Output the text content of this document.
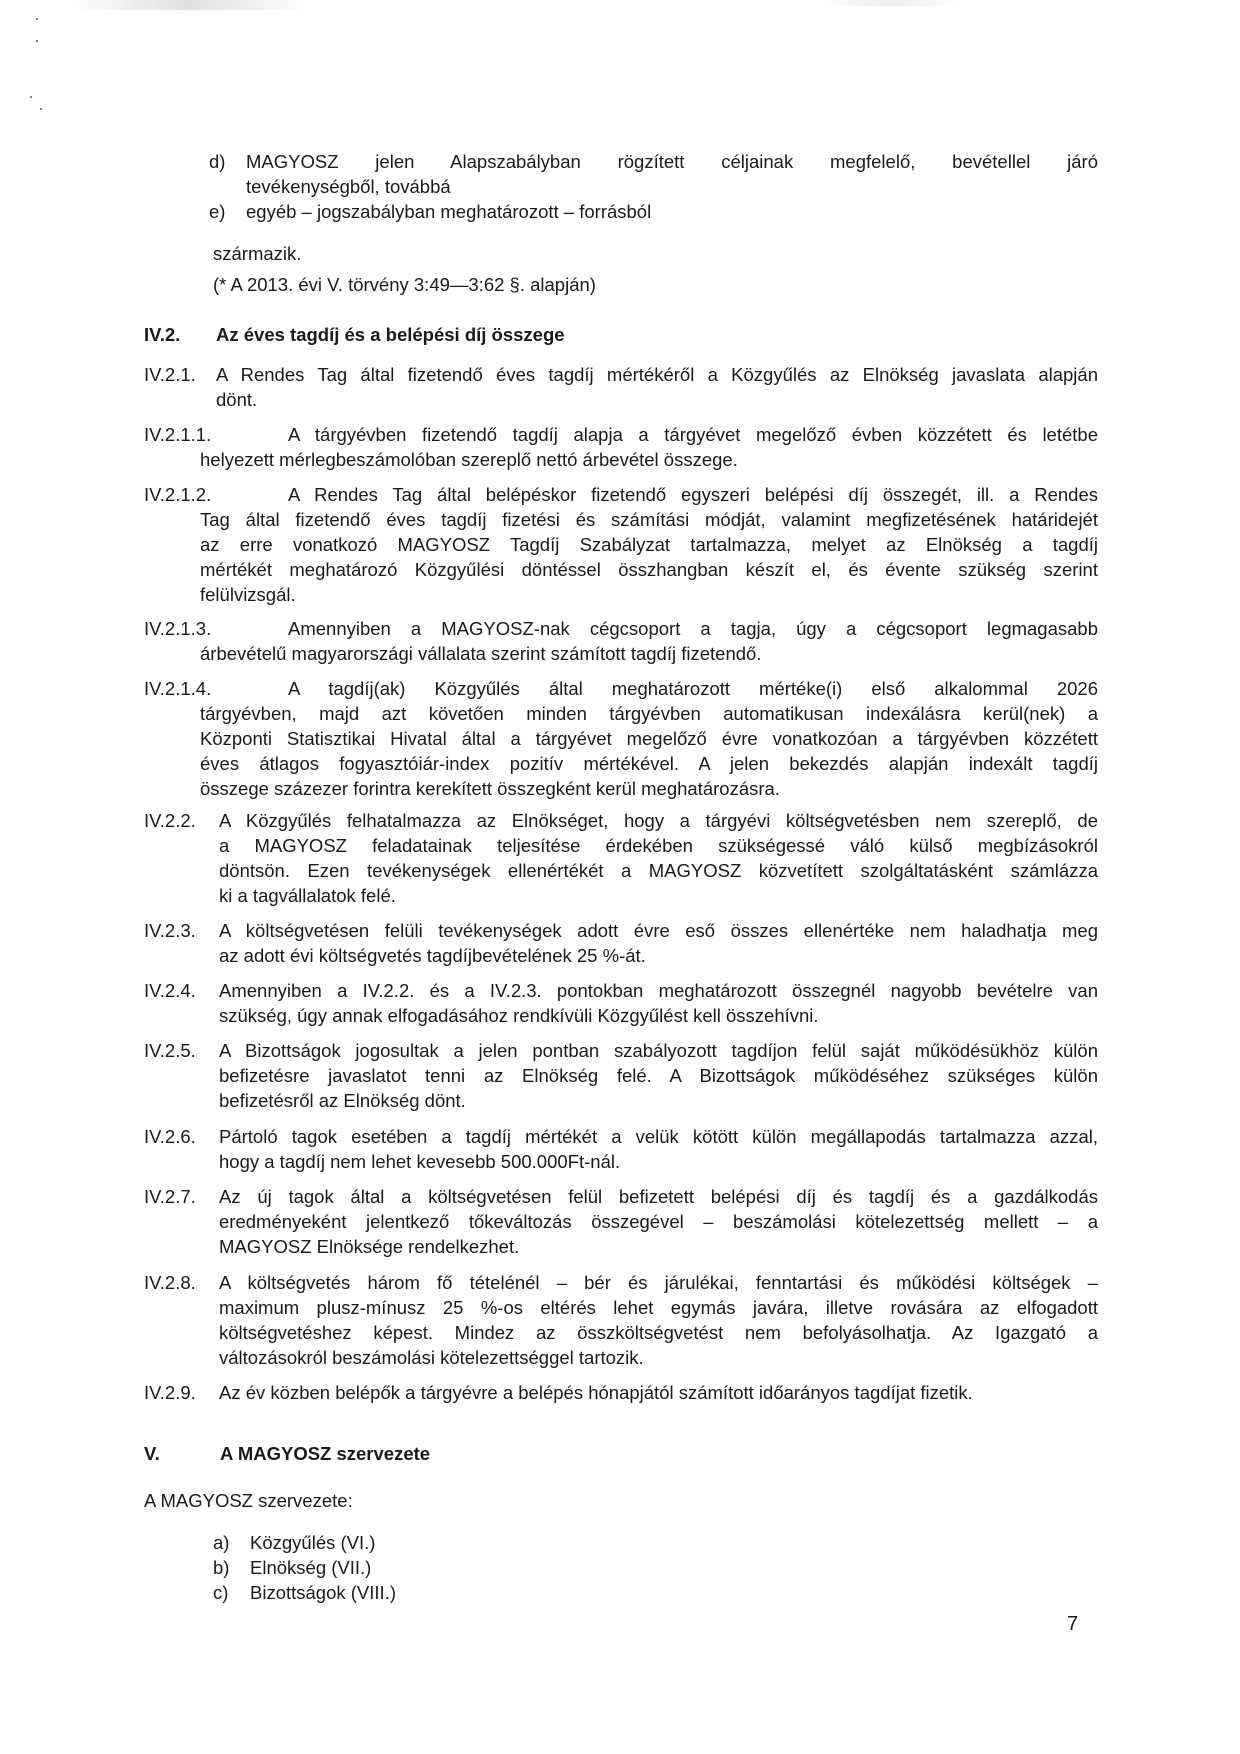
d) MAGYOSZ jelen Alapszabályban rögzített céljainak megfelelő, bevétellel járó
tevékenységből, továbbá
e) egyéb – jogszabályban meghatározott – forrásból
származik.
(* A 2013. évi V. törvény 3:49—3:62 §. alapján)
IV.2. Az éves tagdíj és a belépési díj összege
IV.2.1. A Rendes Tag által fizetendő éves tagdíj mértékéről a Közgyűlés az Elnökség javaslata alapján
dönt.
IV.2.1.1.	A tárgyévben fizetendő tagdíj alapja a tárgyévet megelőző évben közzétett és letétbe
helyezett mérlegbeszámolóban szereplő nettó árbevétel összege.
IV.2.1.2.	A Rendes Tag által belépéskor fizetendő egyszeri belépési díj összegét, ill. a Rendes
Tag által fizetendő éves tagdíj fizetési és számítási módját, valamint megfizetésének határidejét
az erre vonatkozó MAGYOSZ Tagdíj Szabályzat tartalmazza, melyet az Elnökség a tagdíj
mértékét meghatározó Közgyűlési döntéssel összhangban készít el, és évente szükség szerint
felülvizsgál.
IV.2.1.3.	Amennyiben a MAGYOSZ-nak cégcsoport a tagja, úgy a cégcsoport legmagasabb
árbevételű magyarországi vállalata szerint számított tagdíj fizetendő.
IV.2.1.4.	A tagdíj(ak) Közgyűlés által meghatározott mértéke(i) első alkalommal 2026
tárgyévben, majd azt követően minden tárgyévben automatikusan indexálásra kerül(nek) a
Központi Statisztikai Hivatal által a tárgyévet megelőző évre vonatkozóan a tárgyévben közzétett
éves átlagos fogyasztóiár-index pozitív mértékével. A jelen bekezdés alapján indexált tagdíj
összege százezer forintra kerekített összegként kerül meghatározásra.
IV.2.2. A Közgyűlés felhatalmazza az Elnökséget, hogy a tárgyévi költségvetésben nem szereplő, de
a MAGYOSZ feladatainak teljesítése érdekében szükségessé váló külső megbízásokról
döntsön. Ezen tevékenységek ellenértékét a MAGYOSZ közvetített szolgáltatásként számlázza
ki a tagvállalatok felé.
IV.2.3. A költségvetésen felüli tevékenységek adott évre eső összes ellenértéke nem haladhatja meg
az adott évi költségvetés tagdíjbevételének 25 %-át.
IV.2.4. Amennyiben a IV.2.2. és a IV.2.3. pontokban meghatározott összegnél nagyobb bevételre van
szükség, úgy annak elfogadásához rendkívüli Közgyűlést kell összehívni.
IV.2.5. A Bizottságok jogosultak a jelen pontban szabályozott tagdíjon felül saját működésükhöz külön
befizetésre javaslatot tenni az Elnökség felé. A Bizottságok működéséhez szükséges külön
befizetésről az Elnökség dönt.
IV.2.6. Pártoló tagok esetében a tagdíj mértékét a velük kötött külön megállapodás tartalmazza azzal,
hogy a tagdíj nem lehet kevesebb 500.000Ft-nál.
IV.2.7. Az új tagok által a költségvetésen felül befizetett belépési díj és tagdíj és a gazdálkodás
eredményeként jelentkező tőkeváltozás összegével – beszámolási kötelezettség mellett – a
MAGYOSZ Elnöksége rendelkezhet.
IV.2.8. A költségvetés három fő tételénél – bér és járulékai, fenntartási és működési költségek –
maximum plusz-mínusz 25 %-os eltérés lehet egymás javára, illetve rovására az elfogadott
költségvetéshez képest. Mindez az összköltségvetést nem befolyásolhatja. Az Igazgató a
változásokról beszámolási kötelezettséggel tartozik.
IV.2.9. Az év közben belépők a tárgyévre a belépés hónapjától számított időarányos tagdíjat fizetik.
V.	A MAGYOSZ szervezete
A MAGYOSZ szervezete:
a) Közgyűlés (VI.)
b) Elnökség (VII.)
c) Bizottságok (VIII.)
7
